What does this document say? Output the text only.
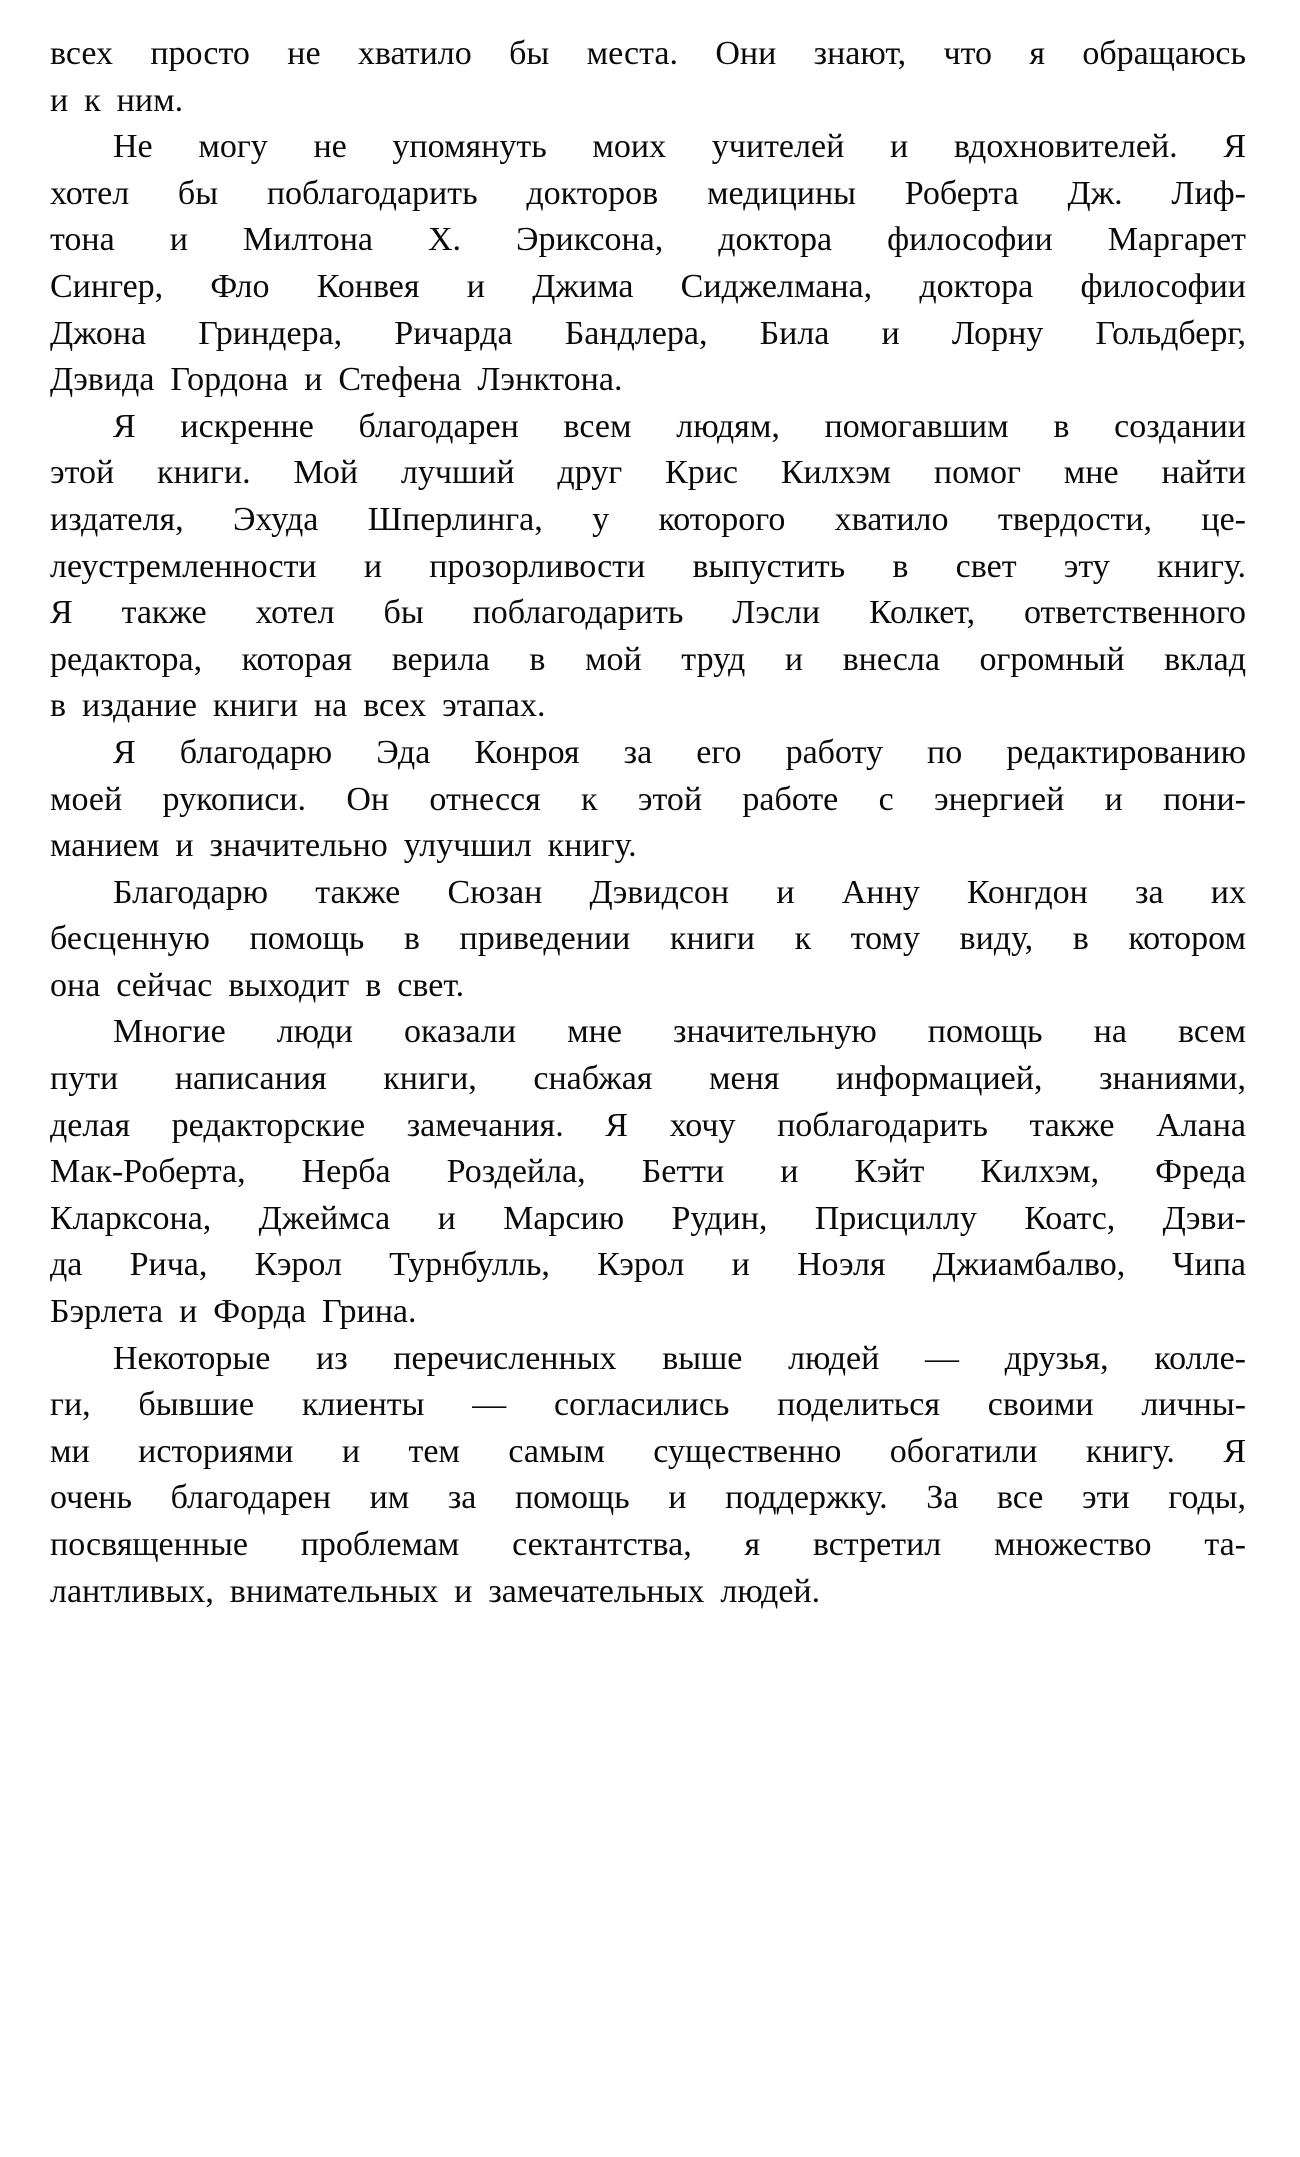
всех просто не хватило бы места. Они знают, что я обращаюсь
и к ним.
Не могу не упомянуть моих учителей и вдохновителей. Я
хотел бы поблагодарить докторов медицины Роберта Дж. Лиф-
тона и Милтона Х. Эриксона, доктора философии Маргарет
Сингер, Фло Конвея и Джима Сиджелмана, доктора философии
Джона Гриндера, Ричарда Бандлера, Била и Лорну Гольдберг,
Дэвида Гордона и Стефена Лэнктона.
Я искренне благодарен всем людям, помогавшим в создании
этой книги. Мой лучший друг Крис Килхэм помог мне найти
издателя, Эхуда Шперлинга, у которого хватило твердости, це-
леустремленности и прозорливости выпустить в свет эту книгу.
Я также хотел бы поблагодарить Лэсли Колкет, ответственного
редактора, которая верила в мой труд и внесла огромный вклад
в издание книги на всех этапах.
Я благодарю Эда Конроя за его работу по редактированию
моей рукописи. Он отнесся к этой работе с энергией и пони-
манием и значительно улучшил книгу.
Благодарю также Сюзан Дэвидсон и Анну Конгдон за их
бесценную помощь в приведении книги к тому виду, в котором
она сейчас выходит в свет.
Многие люди оказали мне значительную помощь на всем
пути написания книги, снабжая меня информацией, знаниями,
делая редакторские замечания. Я хочу поблагодарить также Алана
Мак-Роберта, Нерба Роздейла, Бетти и Кэйт Килхэм, Фреда
Кларксона, Джеймса и Марсию Рудин, Присциллу Коатс, Дэви-
да Рича, Кэрол Турнбулль, Кэрол и Ноэля Джиамбалво, Чипа
Бэрлета и Форда Грина.
Некоторые из перечисленных выше людей — друзья, колле-
ги, бывшие клиенты — согласились поделиться своими личны-
ми историями и тем самым существенно обогатили книгу. Я
очень благодарен им за помощь и поддержку. За все эти годы,
посвященные проблемам сектантства, я встретил множество та-
лантливых, внимательных и замечательных людей.
